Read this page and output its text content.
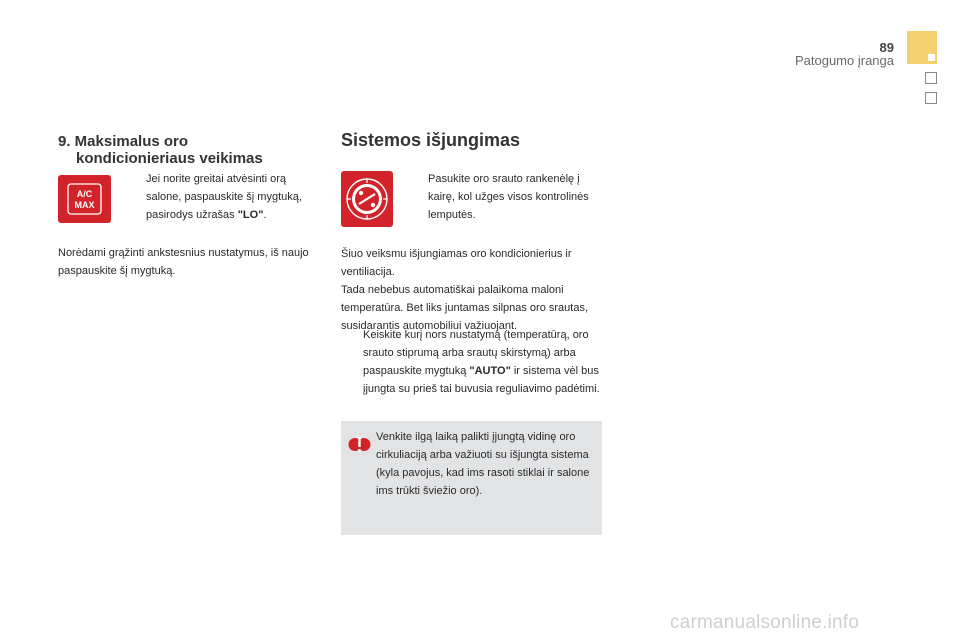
89
Patogumo įranga
9. Maksimalus oro
kondicionieriaus veikimas
A/C
MAX
Jei norite greitai atvėsinti orą salone, paspauskite šį mygtuką, pasirodys užrašas "LO".
Norėdami grąžinti ankstesnius nustatymus, iš naujo paspauskite šį mygtuką.
Sistemos išjungimas
Pasukite oro srauto rankenėlę į kairę, kol užges visos kontrolinės lemputės.
Šiuo veiksmu išjungiamas oro kondicionierius ir ventiliacija.
Tada nebebus automatiškai palaikoma maloni temperatūra. Bet liks juntamas silpnas oro srautas, susidarantis automobiliui važiuojant.
Keiskite kurį nors nustatymą (temperatūrą, oro srauto stiprumą arba srautų skirstymą) arba paspauskite mygtuką "AUTO" ir sistema vėl bus įjungta su prieš tai buvusia reguliavimo padėtimi.
Venkite ilgą laiką palikti įjungtą vidinę oro cirkuliaciją arba važiuoti su išjungta sistema (kyla pavojus, kad ims rasoti stiklai ir salone ims trūkti šviežio oro).
carmanualsonline.info
